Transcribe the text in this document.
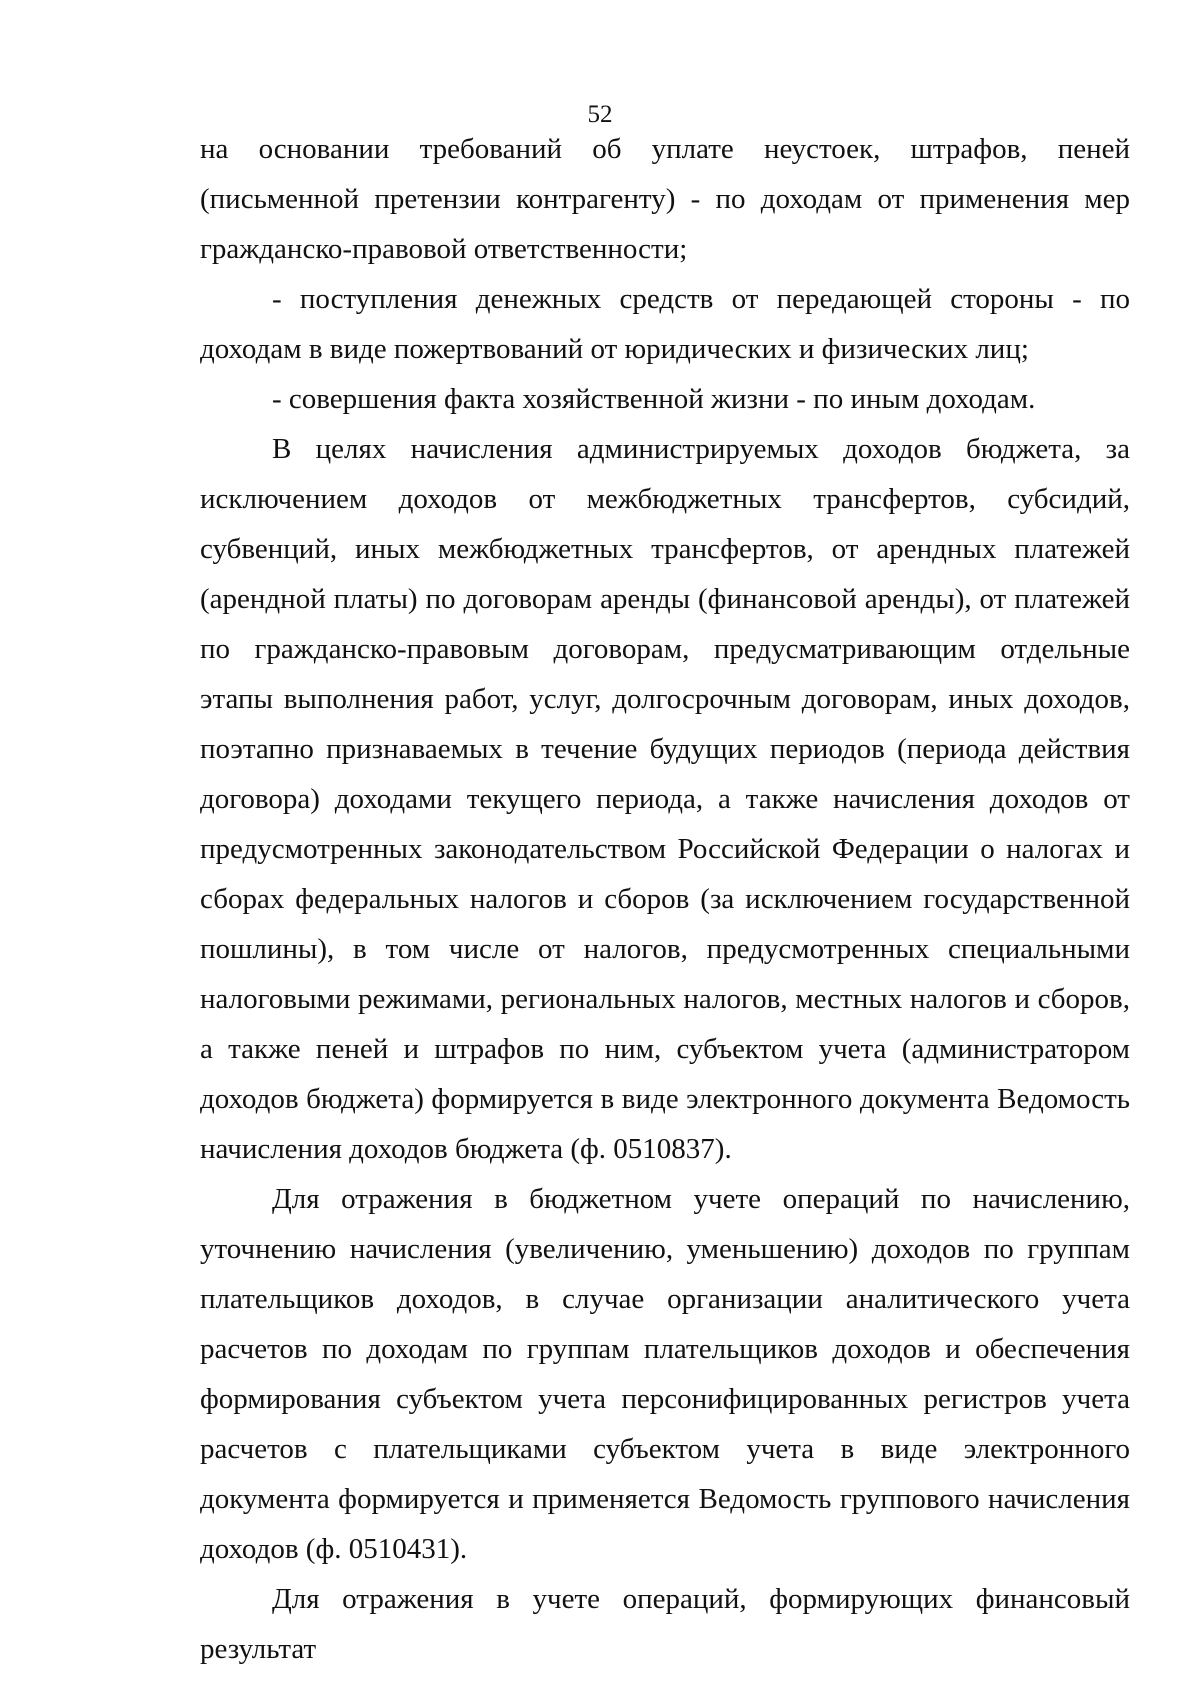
52

на основании требований об уплате неустоек, штрафов, пеней (письменной претензии контрагенту) - по доходам от применения мер гражданско-правовой ответственности;

- поступления денежных средств от передающей стороны - по доходам в виде пожертвований от юридических и физических лиц;

- совершения факта хозяйственной жизни - по иным доходам.

В целях начисления администрируемых доходов бюджета, за исключением доходов от межбюджетных трансфертов, субсидий, субвенций, иных межбюджетных трансфертов, от арендных платежей (арендной платы) по договорам аренды (финансовой аренды), от платежей по гражданско-правовым договорам, предусматривающим отдельные этапы выполнения работ, услуг, долгосрочным договорам, иных доходов, поэтапно признаваемых в течение будущих периодов (периода действия договора) доходами текущего периода, а также начисления доходов от предусмотренных законодательством Российской Федерации о налогах и сборах федеральных налогов и сборов (за исключением государственной пошлины), в том числе от налогов, предусмотренных специальными налоговыми режимами, региональных налогов, местных налогов и сборов, а также пеней и штрафов по ним, субъектом учета (администратором доходов бюджета) формируется в виде электронного документа Ведомость начисления доходов бюджета (ф. 0510837).

Для отражения в бюджетном учете операций по начислению, уточнению начисления (увеличению, уменьшению) доходов по группам плательщиков доходов, в случае организации аналитического учета расчетов по доходам по группам плательщиков доходов и обеспечения формирования субъектом учета персонифицированных регистров учета расчетов с плательщиками субъектом учета в виде электронного документа формируется и применяется Ведомость группового начисления доходов (ф. 0510431).

Для отражения в учете операций, формирующих финансовый результат
